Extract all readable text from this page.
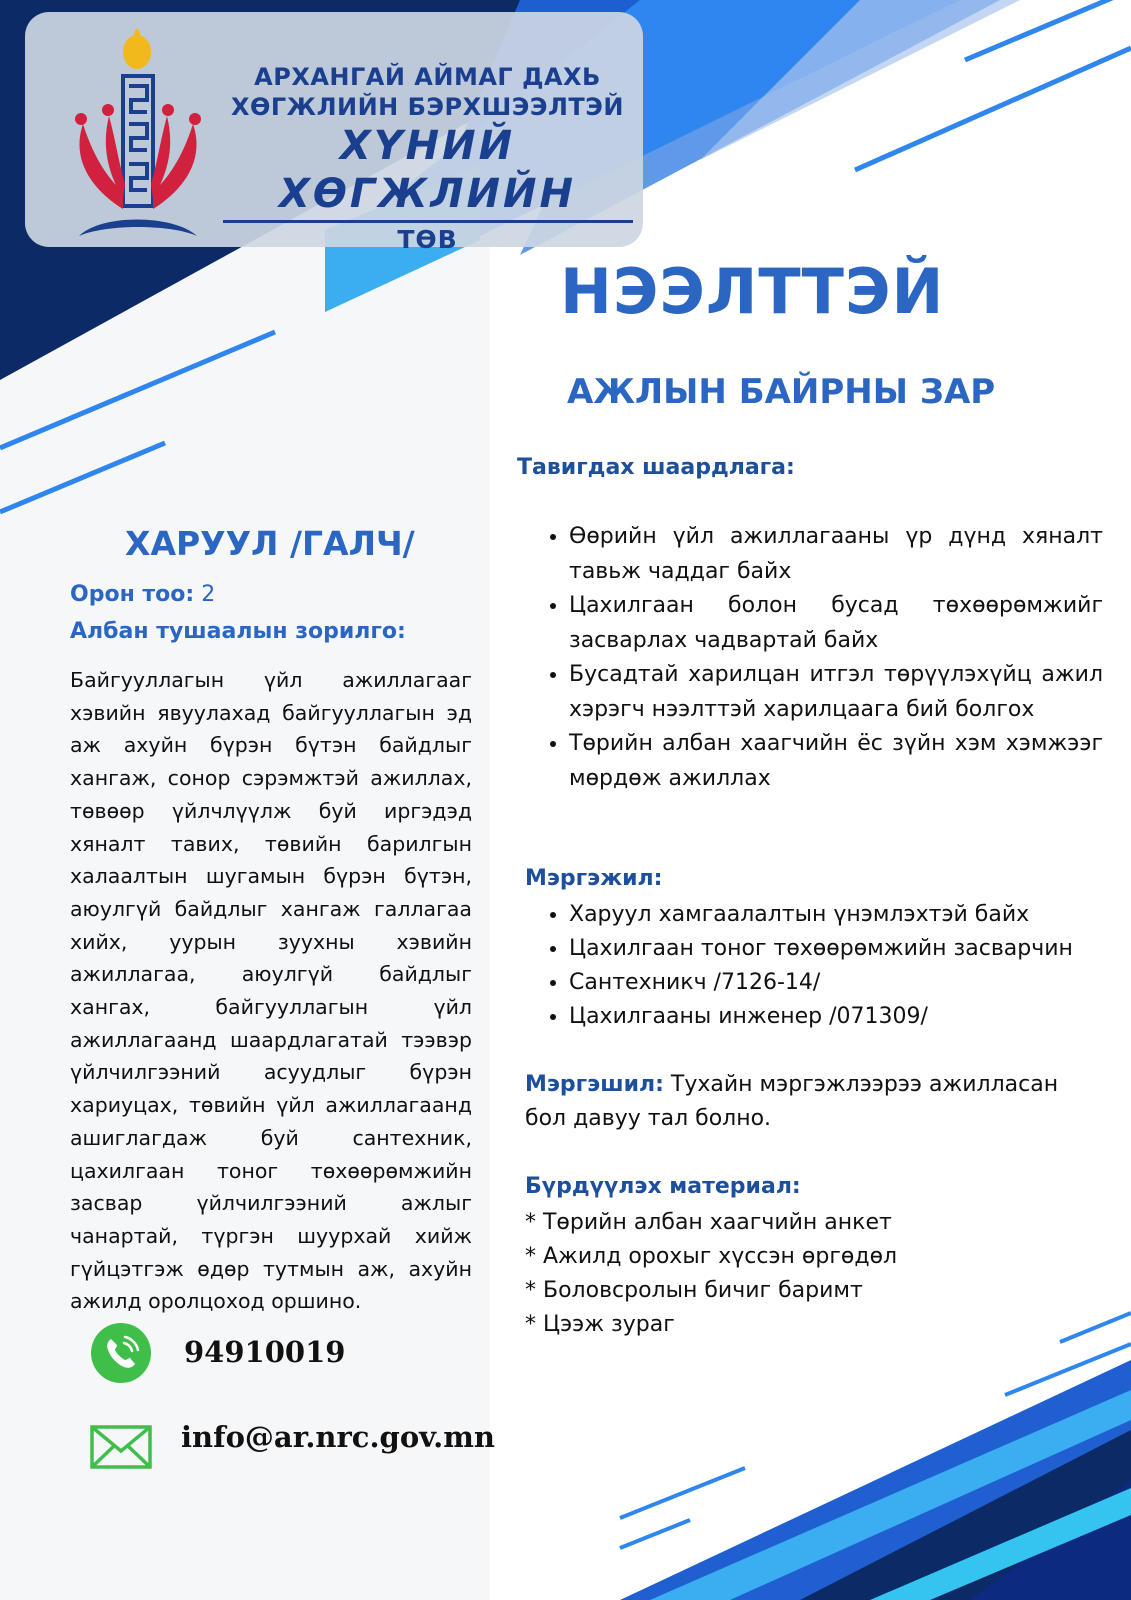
АРХАНГАЙ АЙМАГ ДАХЬ
ХӨГЖЛИЙН БЭРХШЭЭЛТЭЙ
ХҮНИЙ ХӨГЖЛИЙН
ТӨВ
НЭЭЛТТЭЙ
АЖЛЫН БАЙРНЫ ЗАР
ХАРУУЛ /ГАЛЧ/
Орон тоо: 2
Албан тушаалын зорилго:

Байгууллагын үйл ажиллагааг хэвийн явуулахад байгууллагын эд аж ахуйн бүрэн бүтэн байдлыг хангаж, сонор сэрэмжтэй ажиллах, төвөөр үйлчлүүлж буй иргэдэд хяналт тавих, төвийн барилгын халаалтын шугамын бүрэн бүтэн, аюулгүй байдлыг хангаж галлагаа хийх, уурын зуухны хэвийн ажиллагаа, аюулгүй байдлыг хангах, байгууллагын үйл ажиллагаанд шаардлагатай тээвэр үйлчилгээний асуудлыг бүрэн хариуцах, төвийн үйл ажиллагаанд ашиглагдаж буй сантехник, цахилгаан тоног төхөөрөмжийн засвар үйлчилгээний ажлыг чанартай, түргэн шуурхай хийж гүйцэтгэж өдөр тутмын аж, ахуйн ажилд оролцоход оршино.

94910019
info@ar.nrc.gov.mn
Тавигдах шаардлага:
• Өөрийн үйл ажиллагааны үр дүнд хяналт тавьж чаддаг байх
• Цахилгаан болон бусад төхөөрөмжийг засварлах чадвартай байх
• Бусадтай харилцан итгэл төрүүлэхүйц ажил хэрэгч нээлттэй харилцаага бий болгох
• Төрийн албан хаагчийн ёс зүйн хэм хэмжээг мөрдөж ажиллах
Мэргэжил:
• Харуул хамгаалалтын үнэмлэхтэй байх
• Цахилгаан тоног төхөөрөмжийн засварчин
• Сантехникч /7126-14/
• Цахилгааны инженер /071309/

Мэргэшил: Тухайн мэргэжлээрээ ажилласан бол давуу тал болно.

Бүрдүүлэх материал:
* Төрийн албан хаагчийн анкет
* Ажилд орохыг хүссэн өргөдөл
* Боловсролын бичиг баримт
* Цээж зураг
